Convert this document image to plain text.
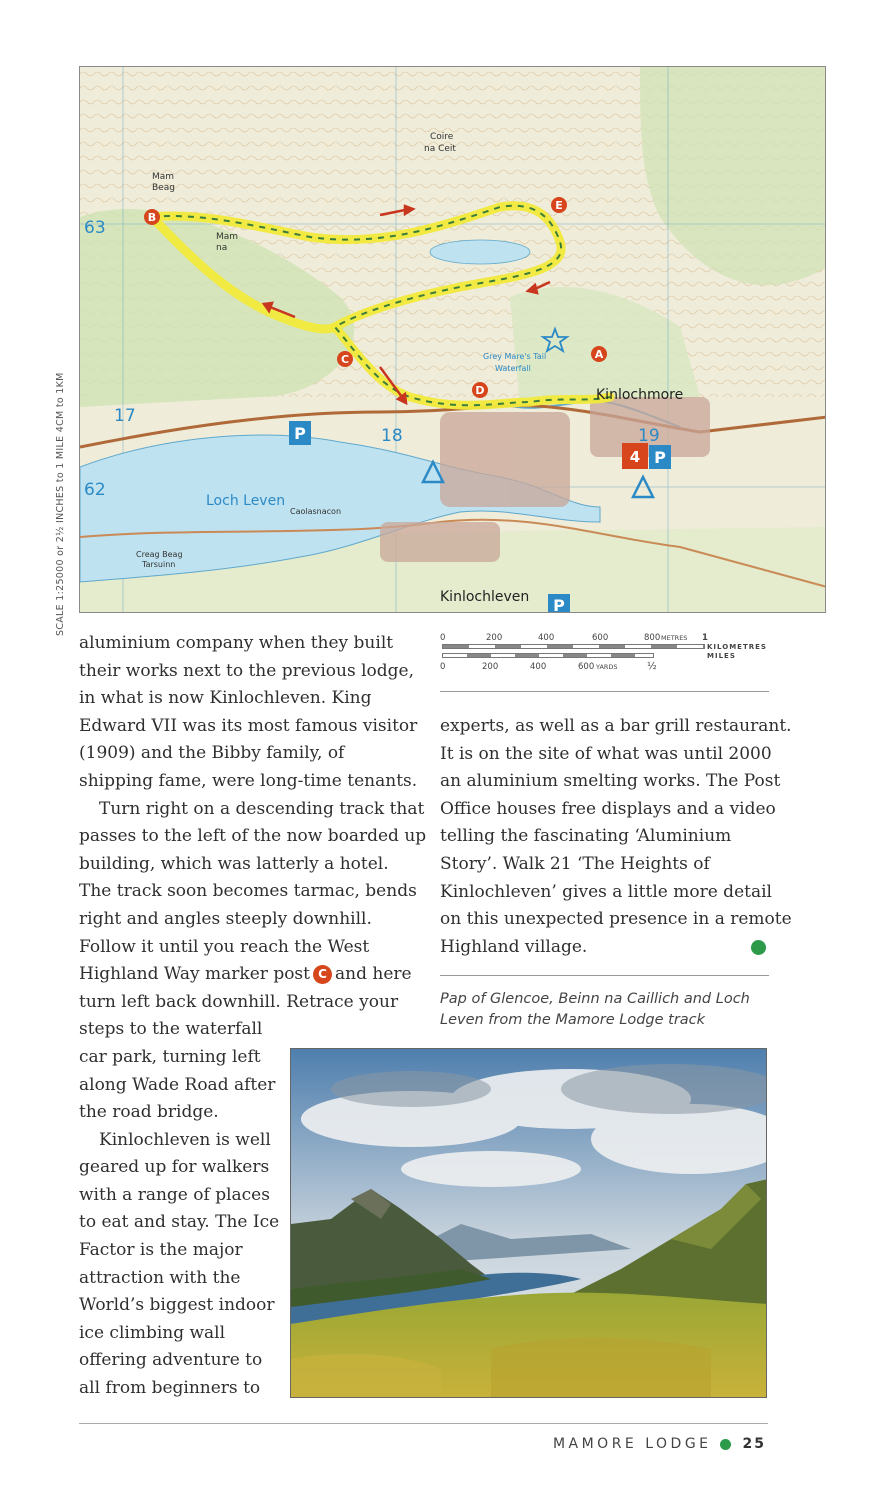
B
E
C
D
A
4
P
P
P
63
62
17
18	19
Coire
na Ceit
Mam
Beag
Mam
na
Grey Mare's Tail
Waterfall
Creag Beag
Tarsuinn
Caolasnacon
Loch Leven
Kinlochmore
Kinlochleven
SCALE 1:25000 or 2½ INCHES to 1 MILE 4CM to 1KM
0	200	400	600	800 METRES 1
KILOMETRES
MILES
0	200	400	600 YARDS	½
aluminium company when they built
their works next to the previous lodge,
in what is now Kinlochleven. King
Edward VII was its most famous visitor
(1909) and the Bibby family, of
shipping fame, were long-time tenants.
Turn right on a descending track that
passes to the left of the now boarded up
building, which was latterly a hotel.
The track soon becomes tarmac, bends
right and angles steeply downhill.
Follow it until you reach the West
Highland Way marker post C and here
turn left back downhill. Retrace your
steps to the waterfall
car park, turning left
along Wade Road after
the road bridge.
Kinlochleven is well
geared up for walkers
with a range of places
to eat and stay. The Ice
Factor is the major
attraction with the
World’s biggest indoor
ice climbing wall
offering adventure to
all from beginners to
experts, as well as a bar grill restaurant.
It is on the site of what was until 2000
an aluminium smelting works. The Post
Office houses free displays and a video
telling the fascinating ‘Aluminium
Story’. Walk 21 ‘The Heights of
Kinlochleven’ gives a little more detail
on this unexpected presence in a remote
Highland village.
Pap of Glencoe, Beinn na Caillich and Loch
Leven from the Mamore Lodge track
MAMORE LODGE 25
